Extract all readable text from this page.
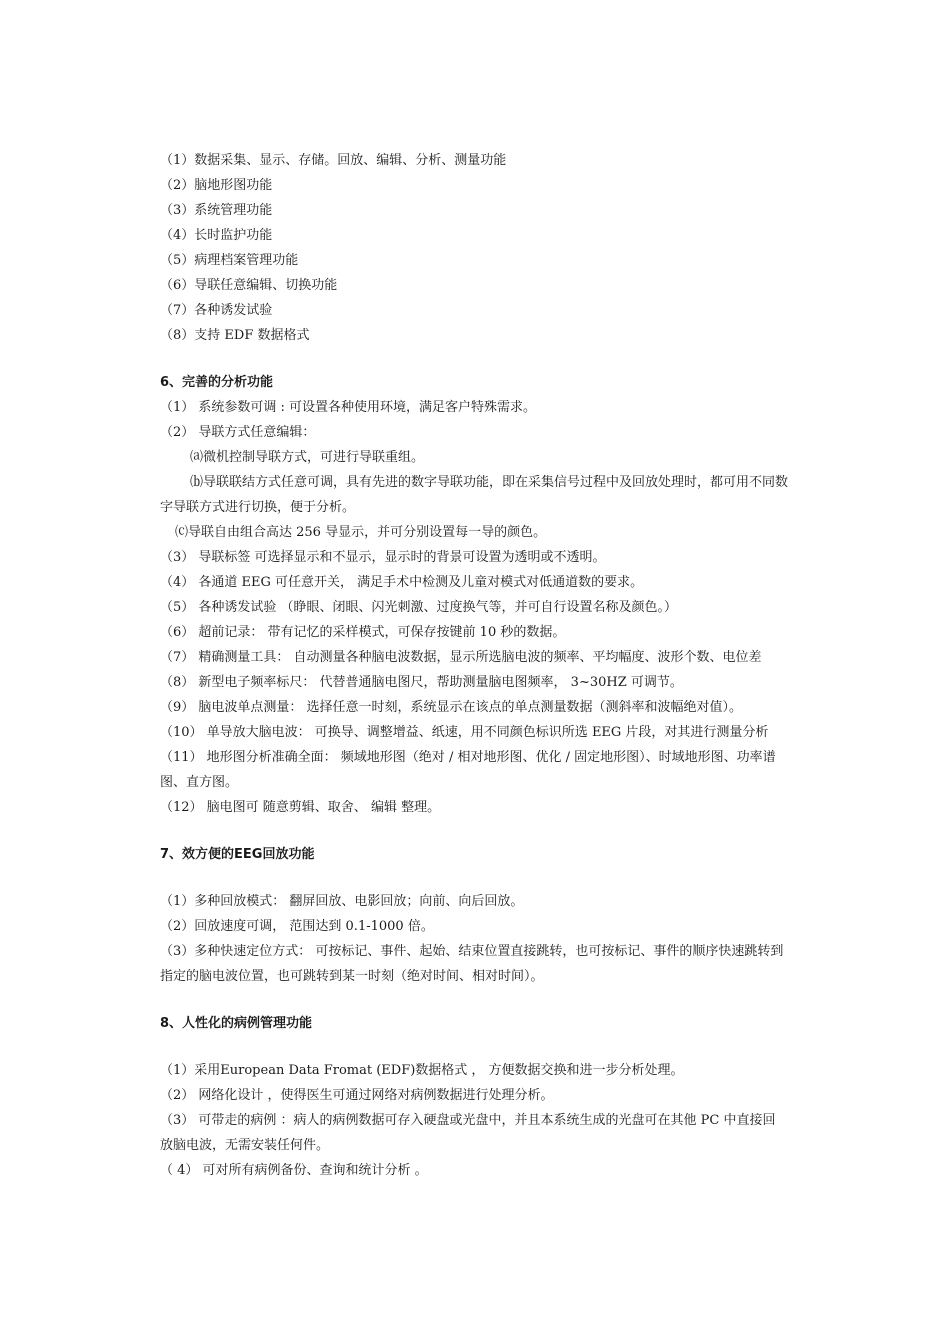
（1）数据采集、显示、存储。回放、编辑、分析、测量功能

（2）脑地形图功能

（3）系统管理功能

（4）长时监护功能

（5）病理档案管理功能

（6）导联任意编辑、切换功能

（7）各种诱发试验

（8）支持 EDF 数据格式

6、完善的分析功能

（1） 系统参数可调 : 可设置各种使用环境，满足客户特殊需求。

（2） 导联方式任意编辑：

⒜微机控制导联方式，可进行导联重组。

⒝导联联结方式任意可调，具有先进的数字导联功能，即在采集信号过程中及回放处理时，都可用不同数字导联方式进行切换，便于分析。

⒞导联自由组合高达 256 导显示，并可分别设置每一导的颜色。

（3） 导联标签 可选择显示和不显示，显示时的背景可设置为透明或不透明。

（4） 各通道 EEG 可任意开关， 满足手术中检测及儿童对模式对低通道数的要求。

（5） 各种诱发试验 （睁眼、闭眼、闪光刺激、过度换气等，并可自行设置名称及颜色。）

（6） 超前记录： 带有记忆的采样模式，可保存按键前 10 秒的数据。

（7） 精确测量工具： 自动测量各种脑电波数据，显示所选脑电波的频率、平均幅度、波形个数、电位差

（8） 新型电子频率标尺： 代替普通脑电图尺，帮助测量脑电图频率， 3~30HZ 可调节。

（9） 脑电波单点测量： 选择任意一时刻，系统显示在该点的单点测量数据（测斜率和波幅绝对值）。

（10） 单导放大脑电波： 可换导、调整增益、纸速，用不同颜色标识所选 EEG 片段，对其进行测量分析

（11） 地形图分析准确全面： 频域地形图（绝对 / 相对地形图、优化 / 固定地形图）、时域地形图、功率谱图、直方图。

（12） 脑电图可 随意剪辑、取舍、 编辑 整理。

7、效方便的EEG回放功能

（1）多种回放模式： 翻屏回放、电影回放；向前、向后回放。

（2）回放速度可调， 范围达到 0.1-1000 倍。

（3）多种快速定位方式： 可按标记、事件、起始、结束位置直接跳转，也可按标记、事件的顺序快速跳转到指定的脑电波位置，也可跳转到某一时刻（绝对时间、相对时间）。

8、人性化的病例管理功能

（1）采用European Data Fromat (EDF)数据格式 ， 方便数据交换和进一步分析处理。

（2） 网络化设计 ，使得医生可通过网络对病例数据进行处理分析。

（3） 可带走的病例 ：病人的病例数据可存入硬盘或光盘中，并且本系统生成的光盘可在其他 PC 中直接回放脑电波，无需安装任何件。

（ 4） 可对所有病例备份、查询和统计分析 。
